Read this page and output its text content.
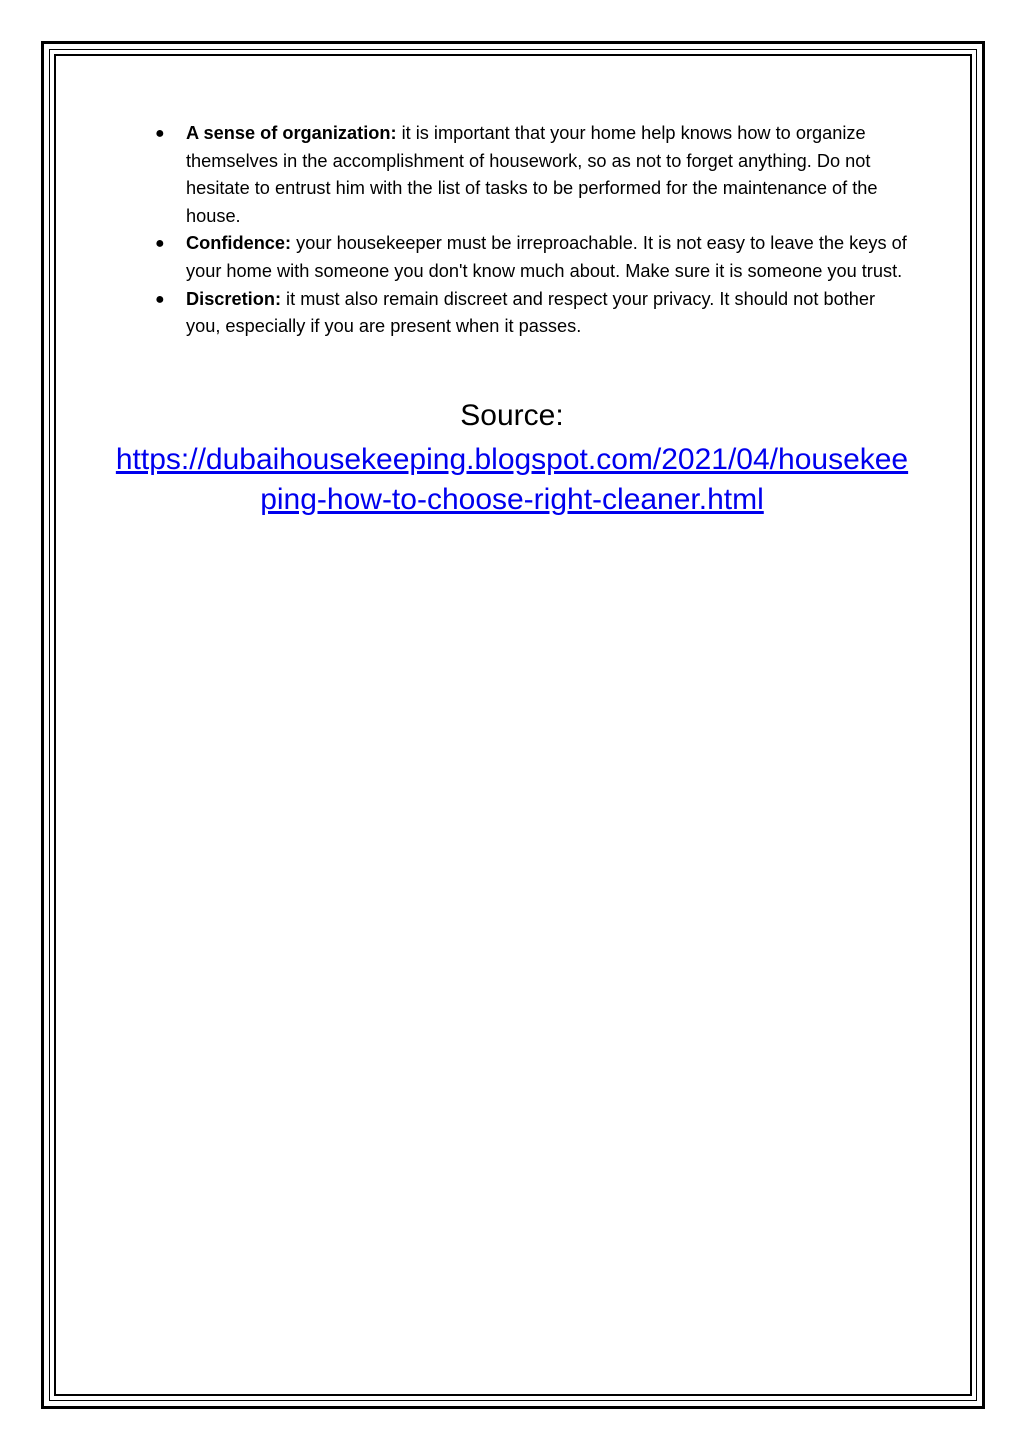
● A sense of organization: it is important that your home help knows how to organize themselves in the accomplishment of housework, so as not to forget anything. Do not hesitate to entrust him with the list of tasks to be performed for the maintenance of the house.
● Confidence: your housekeeper must be irreproachable. It is not easy to leave the keys of your home with someone you don't know much about. Make sure it is someone you trust.
● Discretion: it must also remain discreet and respect your privacy. It should not bother you, especially if you are present when it passes.
Source:
https://dubaihousekeeping.blogspot.com/2021/04/housekeeping-how-to-choose-right-cleaner.html
